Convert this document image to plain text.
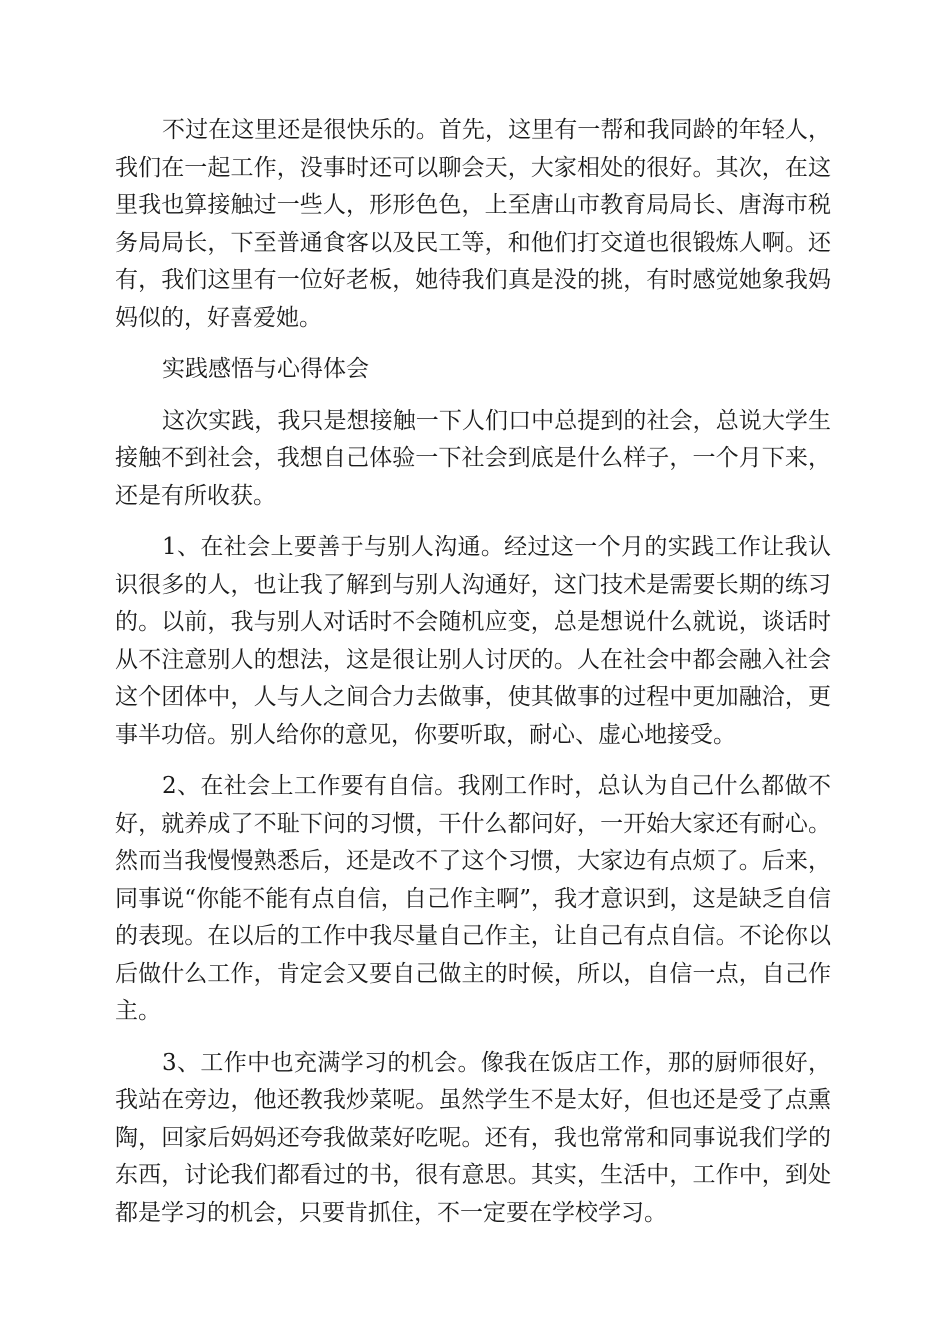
不过在这里还是很快乐的。首先，这里有一帮和我同龄的年轻人，我们在一起工作，没事时还可以聊会天，大家相处的很好。其次，在这里我也算接触过一些人，形形色色，上至唐山市教育局局长、唐海市税务局局长，下至普通食客以及民工等，和他们打交道也很锻炼人啊。还有，我们这里有一位好老板，她待我们真是没的挑，有时感觉她象我妈妈似的，好喜爱她。

实践感悟与心得体会

这次实践，我只是想接触一下人们口中总提到的社会，总说大学生接触不到社会，我想自己体验一下社会到底是什么样子，一个月下来，还是有所收获。

1、在社会上要善于与别人沟通。经过这一个月的实践工作让我认识很多的人，也让我了解到与别人沟通好，这门技术是需要长期的练习的。以前，我与别人对话时不会随机应变，总是想说什么就说，谈话时从不注意别人的想法，这是很让别人讨厌的。人在社会中都会融入社会这个团体中，人与人之间合力去做事，使其做事的过程中更加融洽，更事半功倍。别人给你的意见，你要听取，耐心、虚心地接受。

2、在社会上工作要有自信。我刚工作时，总认为自己什么都做不好，就养成了不耻下问的习惯，干什么都问好，一开始大家还有耐心。然而当我慢慢熟悉后，还是改不了这个习惯，大家边有点烦了。后来，同事说“你能不能有点自信，自己作主啊”，我才意识到，这是缺乏自信的表现。在以后的工作中我尽量自己作主，让自己有点自信。不论你以后做什么工作，肯定会又要自己做主的时候，所以，自信一点，自己作主。

3、工作中也充满学习的机会。像我在饭店工作，那的厨师很好，我站在旁边，他还教我炒菜呢。虽然学生不是太好，但也还是受了点熏陶，回家后妈妈还夸我做菜好吃呢。还有，我也常常和同事说我们学的东西，讨论我们都看过的书，很有意思。其实，生活中，工作中，到处都是学习的机会，只要肯抓住，不一定要在学校学习。
